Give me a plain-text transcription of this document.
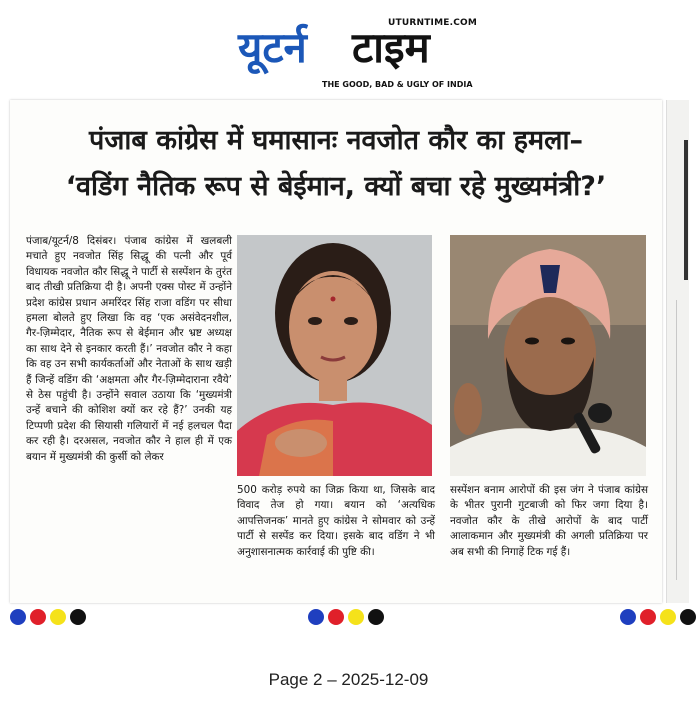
UTURNTIME.COM
यूटर्न टाइम
THE GOOD, BAD & UGLY OF INDIA
पंजाब कांग्रेस में घमासानः नवजोत कौर का हमला–
‘वडिंग नैतिक रूप से बेईमान, क्यों बचा रहे मुख्यमंत्री?’
पंजाब/यूटर्न/8 दिसंबर। पंजाब कांग्रेस में खलबली मचाते हुए नवजोत सिंह सिद्धू की पत्नी और पूर्व विधायक नवजोत कौर सिद्धू ने पार्टी से सस्पेंशन के तुरंत बाद तीखी प्रतिक्रिया दी है। अपनी एक्स पोस्ट में उन्होंने प्रदेश कांग्रेस प्रधान अमरिंदर सिंह राजा वडिंग पर सीधा हमला बोलते हुए लिखा कि वह ‘एक असंवेदनशील, गैर-ज़िम्मेदार, नैतिक रूप से बेईमान और भ्रष्ट अध्यक्ष का साथ देने से इनकार करती हैं।’ नवजोत कौर ने कहा कि वह उन सभी कार्यकर्ताओं और नेताओं के साथ खड़ी हैं जिन्हें वडिंग की ‘अक्षमता और गैर-ज़िम्मेदाराना रवैये’ से ठेस पहुंची है। उन्होंने सवाल उठाया कि ‘मुख्यमंत्री उन्हें बचाने की कोशिश क्यों कर रहे हैं?’ उनकी यह टिप्पणी प्रदेश की सियासी गलियारों में नई हलचल पैदा कर रही है। दरअसल, नवजोत कौर ने हाल ही में एक बयान में मुख्यमंत्री की कुर्सी को लेकर
500 करोड़ रुपये का जिक्र किया था, जिसके बाद विवाद तेज हो गया। बयान को ‘अत्यधिक आपत्तिजनक’ मानते हुए कांग्रेस ने सोमवार को उन्हें पार्टी से सस्पेंड कर दिया। इसके बाद वडिंग ने भी अनुशासनात्मक कार्रवाई की पुष्टि की।
सस्पेंशन बनाम आरोपों की इस जंग ने पंजाब कांग्रेस के भीतर पुरानी गुटबाजी को फिर जगा दिया है। नवजोत कौर के तीखे आरोपों के बाद पार्टी आलाकमान और मुख्यमंत्री की अगली प्रतिक्रिया पर अब सभी की निगाहें टिक गई हैं।
Page 2 – 2025-12-09
